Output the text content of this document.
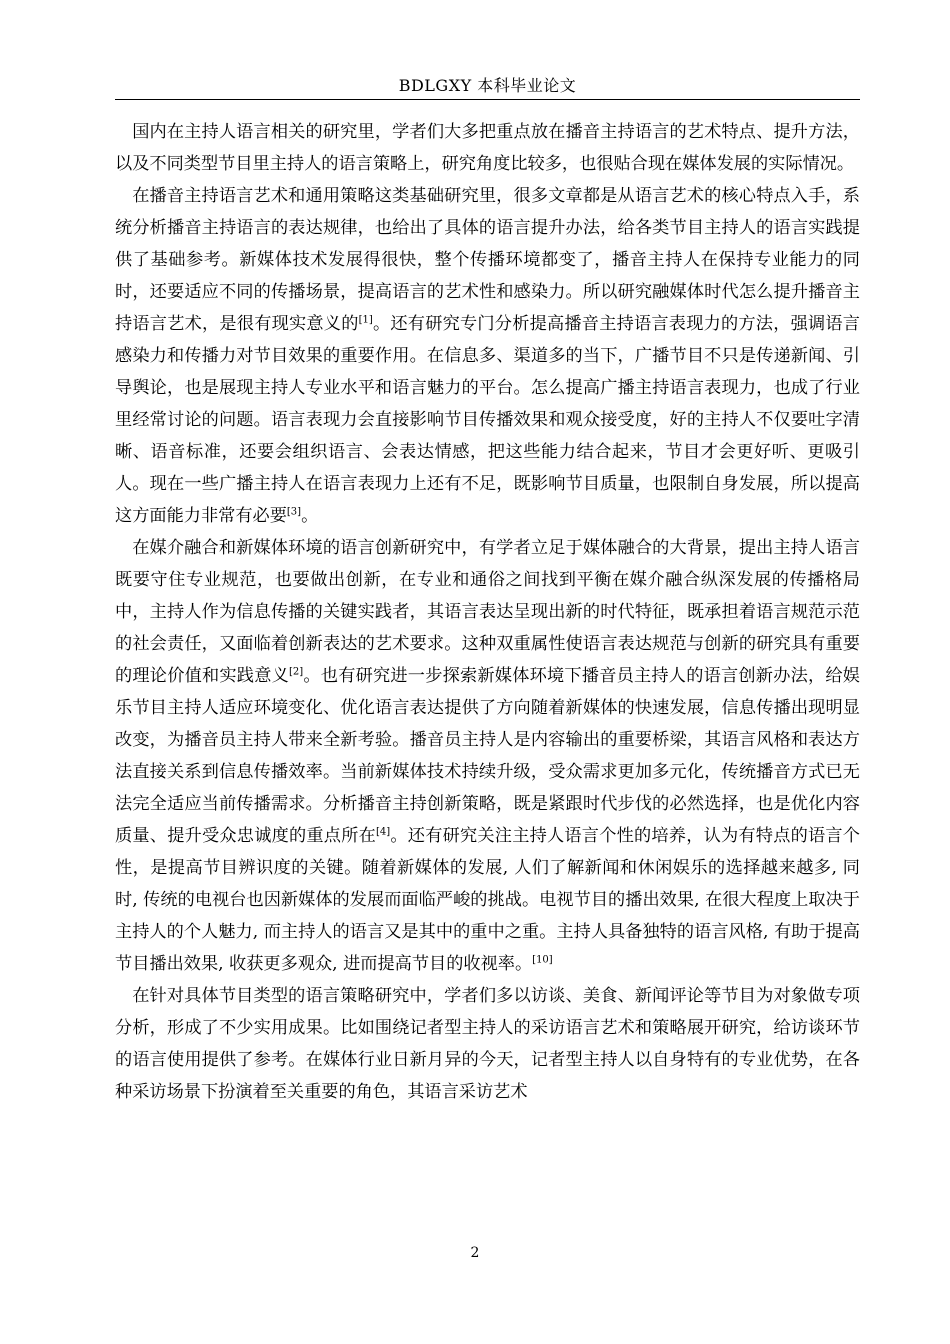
BDLGXY 本科毕业论文

国内在主持人语言相关的研究里，学者们大多把重点放在播音主持语言的艺术特点、提升方法，以及不同类型节目里主持人的语言策略上，研究角度比较多，也很贴合现在媒体发展的实际情况。

在播音主持语言艺术和通用策略这类基础研究里，很多文章都是从语言艺术的核心特点入手，系统分析播音主持语言的表达规律，也给出了具体的语言提升办法，给各类节目主持人的语言实践提供了基础参考。新媒体技术发展得很快，整个传播环境都变了，播音主持人在保持专业能力的同时，还要适应不同的传播场景，提高语言的艺术性和感染力。所以研究融媒体时代怎么提升播音主持语言艺术，是很有现实意义的[1]。还有研究专门分析提高播音主持语言表现力的方法，强调语言感染力和传播力对节目效果的重要作用。在信息多、渠道多的当下，广播节目不只是传递新闻、引导舆论，也是展现主持人专业水平和语言魅力的平台。怎么提高广播主持语言表现力，也成了行业里经常讨论的问题。语言表现力会直接影响节目传播效果和观众接受度，好的主持人不仅要吐字清晰、语音标准，还要会组织语言、会表达情感，把这些能力结合起来，节目才会更好听、更吸引人。现在一些广播主持人在语言表现力上还有不足，既影响节目质量，也限制自身发展，所以提高这方面能力非常有必要[3]。

在媒介融合和新媒体环境的语言创新研究中，有学者立足于媒体融合的大背景，提出主持人语言既要守住专业规范，也要做出创新，在专业和通俗之间找到平衡在媒介融合纵深发展的传播格局中，主持人作为信息传播的关键实践者，其语言表达呈现出新的时代特征，既承担着语言规范示范的社会责任，又面临着创新表达的艺术要求。这种双重属性使语言表达规范与创新的研究具有重要的理论价值和实践意义[2]。也有研究进一步探索新媒体环境下播音员主持人的语言创新办法，给娱乐节目主持人适应环境变化、优化语言表达提供了方向随着新媒体的快速发展，信息传播出现明显改变，为播音员主持人带来全新考验。播音员主持人是内容输出的重要桥梁，其语言风格和表达方法直接关系到信息传播效率。当前新媒体技术持续升级，受众需求更加多元化，传统播音方式已无法完全适应当前传播需求。分析播音主持创新策略，既是紧跟时代步伐的必然选择，也是优化内容质量、提升受众忠诚度的重点所在[4]。还有研究关注主持人语言个性的培养，认为有特点的语言个性，是提高节目辨识度的关键。随着新媒体的发展, 人们了解新闻和休闲娱乐的选择越来越多, 同时, 传统的电视台也因新媒体的发展而面临严峻的挑战。电视节目的播出效果, 在很大程度上取决于主持人的个人魅力, 而主持人的语言又是其中的重中之重。主持人具备独特的语言风格, 有助于提高节目播出效果, 收获更多观众, 进而提高节目的收视率。[10]

在针对具体节目类型的语言策略研究中，学者们多以访谈、美食、新闻评论等节目为对象做专项分析，形成了不少实用成果。比如围绕记者型主持人的采访语言艺术和策略展开研究，给访谈环节的语言使用提供了参考。在媒体行业日新月异的今天，记者型主持人以自身特有的专业优势，在各种采访场景下扮演着至关重要的角色，其语言采访艺术

2
